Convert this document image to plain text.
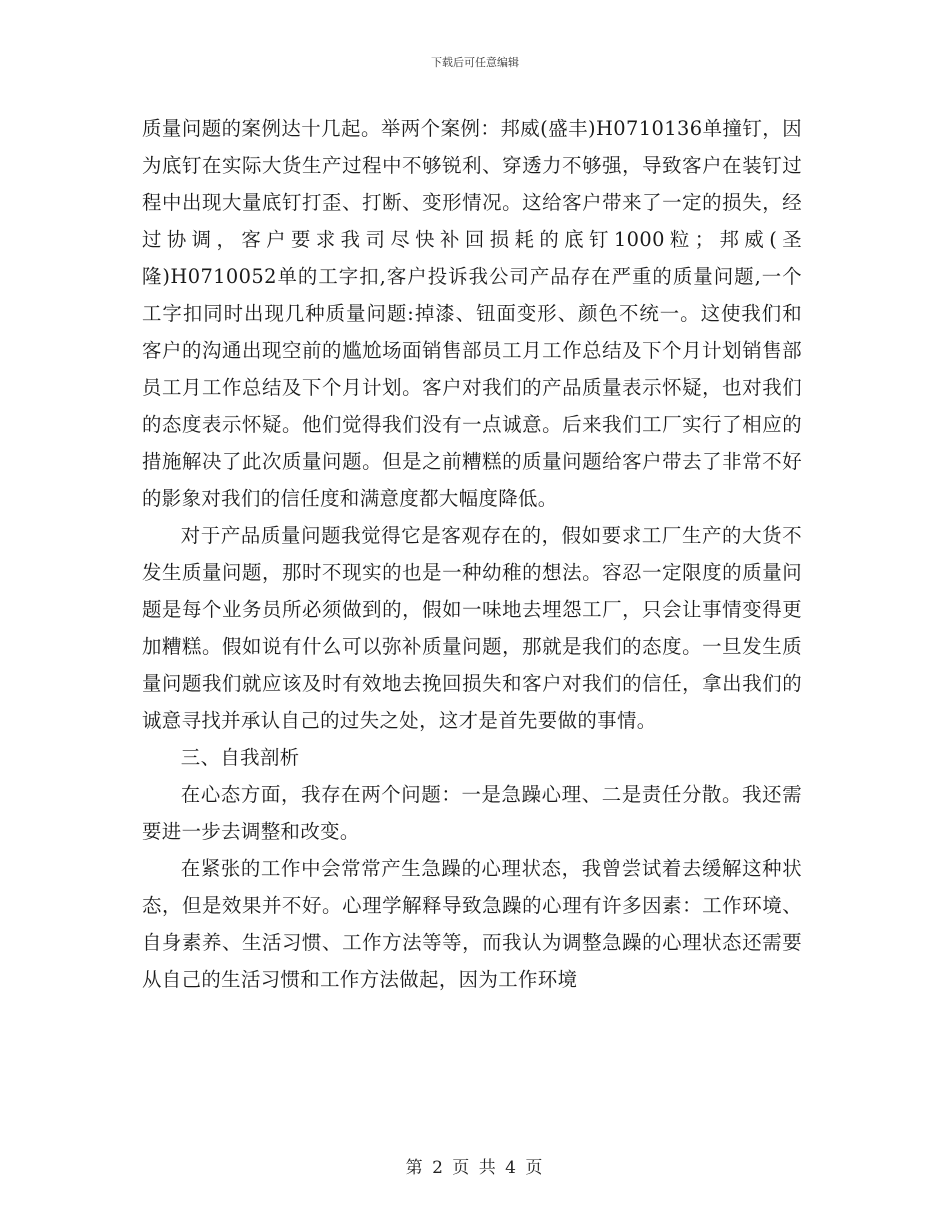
下载后可任意编辑

质量问题的案例达十几起。举两个案例：邦威(盛丰)H0710136单撞钉，因为底钉在实际大货生产过程中不够锐利、穿透力不够强，导致客户在装钉过程中出现大量底钉打歪、打断、变形情况。这给客户带来了一定的损失，经过协调，客户要求我司尽快补回损耗的底钉1000粒；邦威(圣隆)H0710052单的工字扣,客户投诉我公司产品存在严重的质量问题,一个工字扣同时出现几种质量问题:掉漆、钮面变形、颜色不统一。这使我们和客户的沟通出现空前的尴尬场面销售部员工月工作总结及下个月计划销售部员工月工作总结及下个月计划。客户对我们的产品质量表示怀疑，也对我们的态度表示怀疑。他们觉得我们没有一点诚意。后来我们工厂实行了相应的措施解决了此次质量问题。但是之前糟糕的质量问题给客户带去了非常不好的影象对我们的信任度和满意度都大幅度降低。

对于产品质量问题我觉得它是客观存在的，假如要求工厂生产的大货不发生质量问题，那时不现实的也是一种幼稚的想法。容忍一定限度的质量问题是每个业务员所必须做到的，假如一味地去埋怨工厂，只会让事情变得更加糟糕。假如说有什么可以弥补质量问题，那就是我们的态度。一旦发生质量问题我们就应该及时有效地去挽回损失和客户对我们的信任，拿出我们的诚意寻找并承认自己的过失之处，这才是首先要做的事情。

三、自我剖析

在心态方面，我存在两个问题：一是急躁心理、二是责任分散。我还需要进一步去调整和改变。

在紧张的工作中会常常产生急躁的心理状态，我曾尝试着去缓解这种状态，但是效果并不好。心理学解释导致急躁的心理有许多因素：工作环境、自身素养、生活习惯、工作方法等等，而我认为调整急躁的心理状态还需要从自己的生活习惯和工作方法做起，因为工作环境

第 2 页 共 4 页
